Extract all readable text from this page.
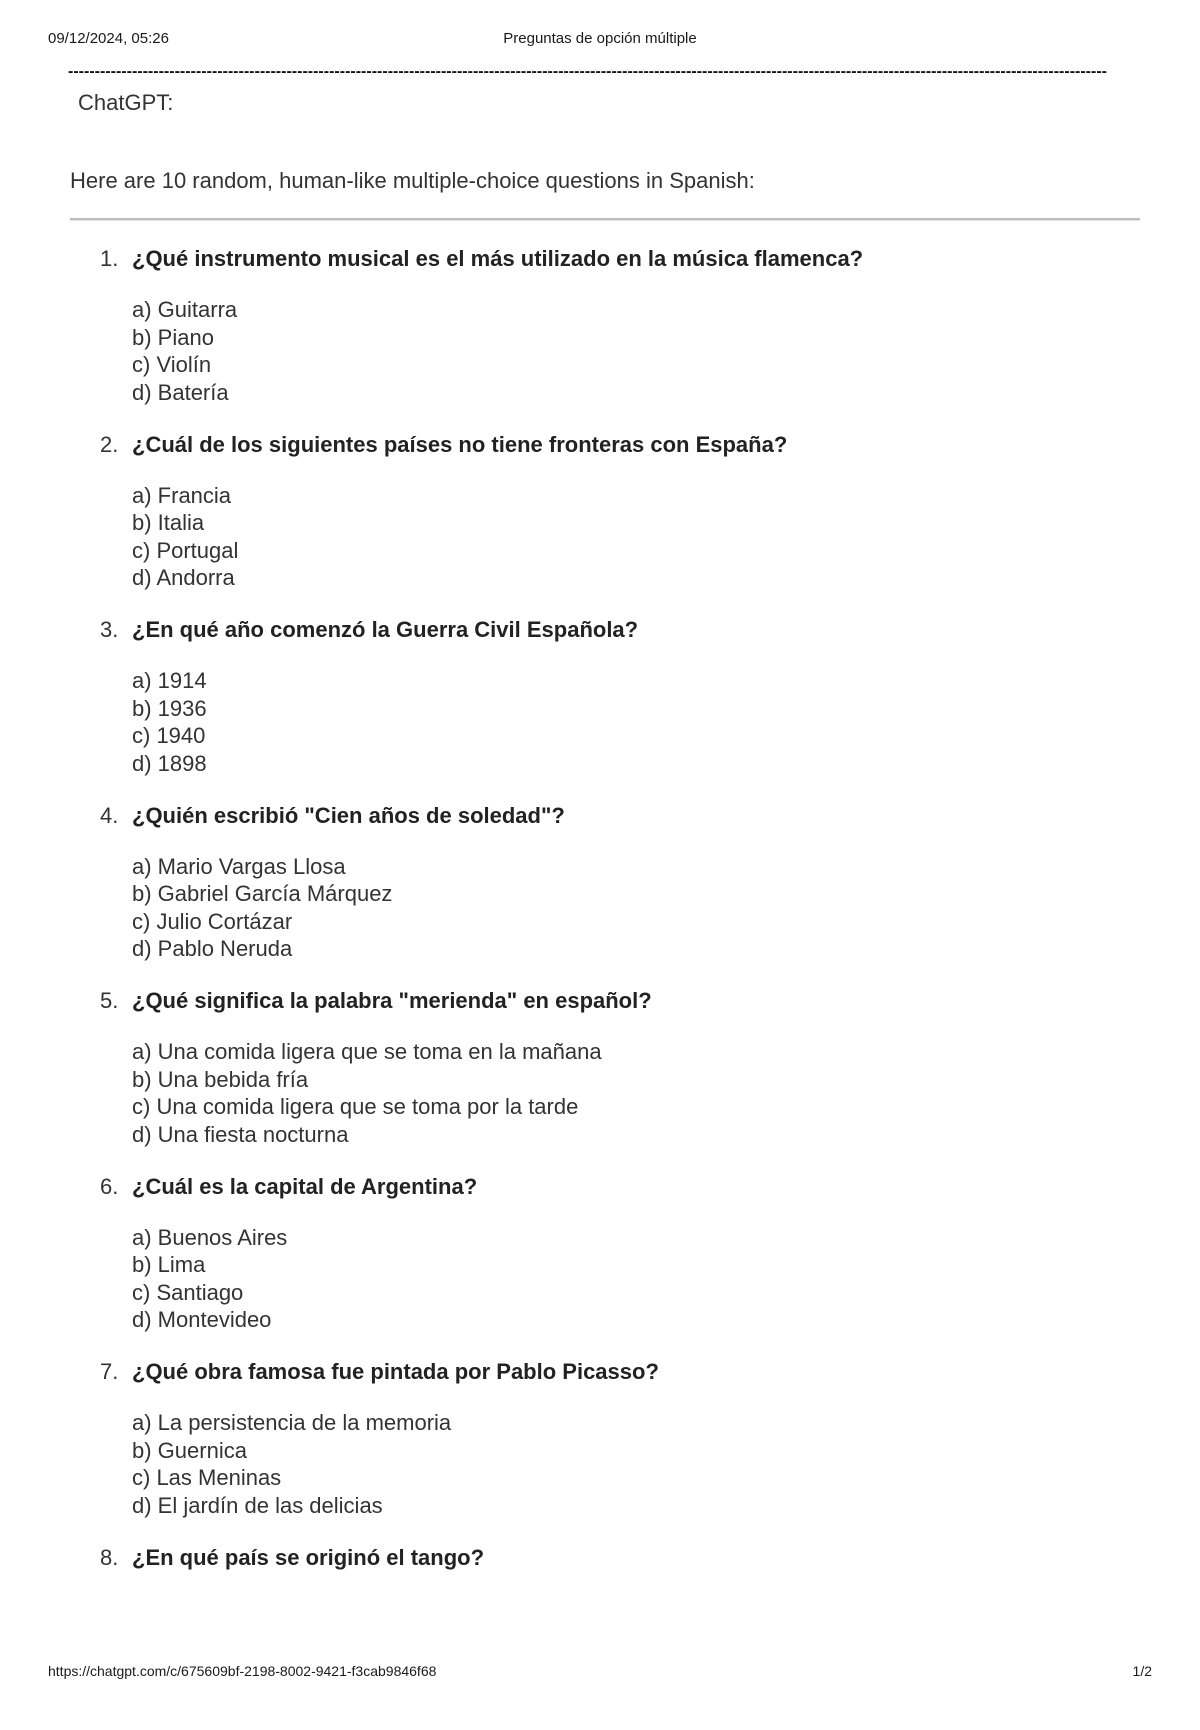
09/12/2024, 05:26	Preguntas de opción múltiple
---------------------------------------------------------------------------------------------------------------------------------------------------------------------------------------------------
ChatGPT:
Here are 10 random, human-like multiple-choice questions in Spanish:
1. ¿Qué instrumento musical es el más utilizado en la música flamenca?
a) Guitarra
b) Piano
c) Violín
d) Batería
2. ¿Cuál de los siguientes países no tiene fronteras con España?
a) Francia
b) Italia
c) Portugal
d) Andorra
3. ¿En qué año comenzó la Guerra Civil Española?
a) 1914
b) 1936
c) 1940
d) 1898
4. ¿Quién escribió "Cien años de soledad"?
a) Mario Vargas Llosa
b) Gabriel García Márquez
c) Julio Cortázar
d) Pablo Neruda
5. ¿Qué significa la palabra "merienda" en español?
a) Una comida ligera que se toma en la mañana
b) Una bebida fría
c) Una comida ligera que se toma por la tarde
d) Una fiesta nocturna
6. ¿Cuál es la capital de Argentina?
a) Buenos Aires
b) Lima
c) Santiago
d) Montevideo
7. ¿Qué obra famosa fue pintada por Pablo Picasso?
a) La persistencia de la memoria
b) Guernica
c) Las Meninas
d) El jardín de las delicias
8. ¿En qué país se originó el tango?
https://chatgpt.com/c/675609bf-2198-8002-9421-f3cab9846f68	1/2
